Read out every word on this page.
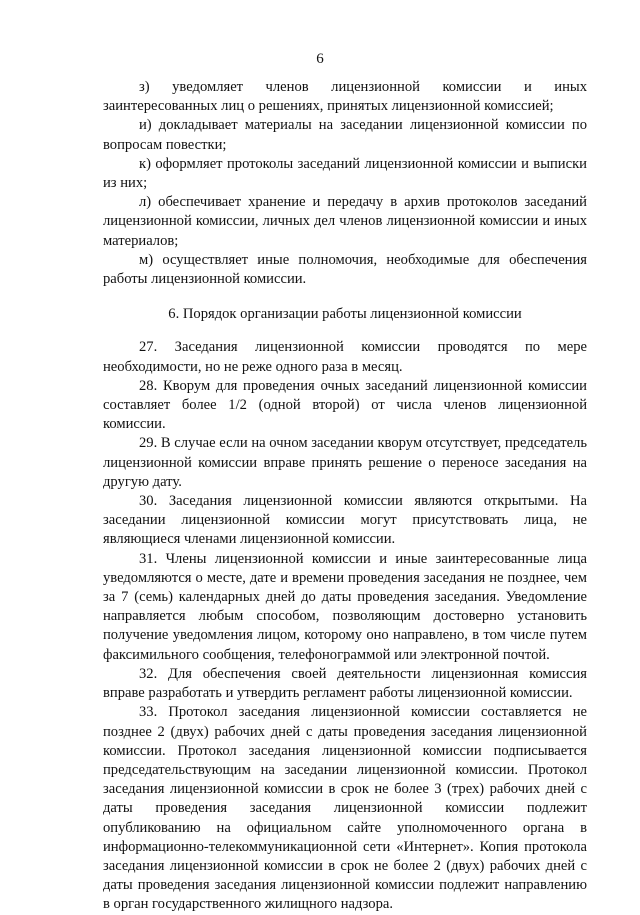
6

з) уведомляет членов лицензионной комиссии и иных заинтересованных лиц о решениях, принятых лицензионной комиссией;

и) докладывает материалы на заседании лицензионной комиссии по вопросам повестки;

к) оформляет протоколы заседаний лицензионной комиссии и выписки из них;

л) обеспечивает хранение и передачу в архив протоколов заседаний лицензионной комиссии, личных дел членов лицензионной комиссии и иных материалов;

м) осуществляет иные полномочия, необходимые для обеспечения работы лицензионной комиссии.

6. Порядок организации работы лицензионной комиссии

27. Заседания лицензионной комиссии проводятся по мере необходимости, но не реже одного раза в месяц.

28. Кворум для проведения очных заседаний лицензионной комиссии составляет более 1/2 (одной второй) от числа членов лицензионной комиссии.

29. В случае если на очном заседании кворум отсутствует, председатель лицензионной комиссии вправе принять решение о переносе заседания на другую дату.

30. Заседания лицензионной комиссии являются открытыми. На заседании лицензионной комиссии могут присутствовать лица, не являющиеся членами лицензионной комиссии.

31. Члены лицензионной комиссии и иные заинтересованные лица уведомляются о месте, дате и времени проведения заседания не позднее, чем за 7 (семь) календарных дней до даты проведения заседания. Уведомление направляется любым способом, позволяющим достоверно установить получение уведомления лицом, которому оно направлено, в том числе путем факсимильного сообщения, телефонограммой или электронной почтой.

32. Для обеспечения своей деятельности лицензионная комиссия вправе разработать и утвердить регламент работы лицензионной комиссии.

33. Протокол заседания лицензионной комиссии составляется не позднее 2 (двух) рабочих дней с даты проведения заседания лицензионной комиссии. Протокол заседания лицензионной комиссии подписывается председательствующим на заседании лицензионной комиссии. Протокол заседания лицензионной комиссии в срок не более 3 (трех) рабочих дней с даты проведения заседания лицензионной комиссии подлежит опубликованию на официальном сайте уполномоченного органа в информационно-телекоммуникационной сети «Интернет». Копия протокола заседания лицензионной комиссии в срок не более 2 (двух) рабочих дней с даты проведения заседания лицензионной комиссии подлежит направлению в орган государственного жилищного надзора.
